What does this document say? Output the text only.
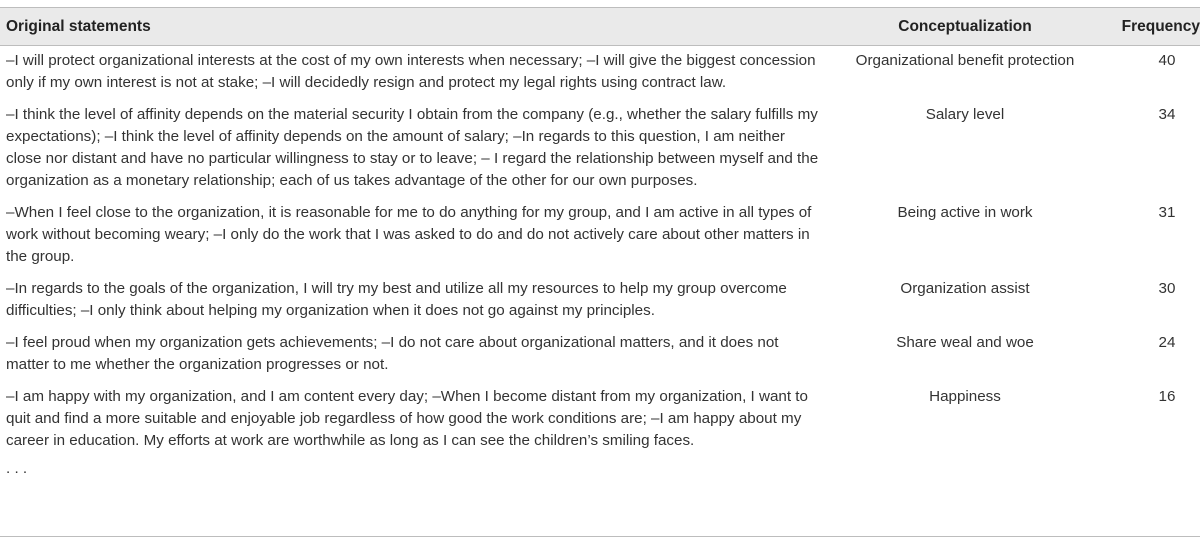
Original statements	Conceptualization	Frequency
–I will protect organizational interests at the cost of my own interests when necessary; –I will give the biggest concession only if my own interest is not at stake; –I will decidedly resign and protect my legal rights using contract law.	Organizational benefit protection	40
–I think the level of affinity depends on the material security I obtain from the company (e.g., whether the salary fulfills my expectations); –I think the level of affinity depends on the amount of salary; –In regards to this question, I am neither close nor distant and have no particular willingness to stay or to leave; – I regard the relationship between myself and the organization as a monetary relationship; each of us takes advantage of the other for our own purposes.	Salary level	34
–When I feel close to the organization, it is reasonable for me to do anything for my group, and I am active in all types of work without becoming weary; –I only do the work that I was asked to do and do not actively care about other matters in the group.	Being active in work	31
–In regards to the goals of the organization, I will try my best and utilize all my resources to help my group overcome difficulties; –I only think about helping my organization when it does not go against my principles.	Organization assist	30
–I feel proud when my organization gets achievements; –I do not care about organizational matters, and it does not matter to me whether the organization progresses or not.	Share weal and woe	24
–I am happy with my organization, and I am content every day; –When I become distant from my organization, I want to quit and find a more suitable and enjoyable job regardless of how good the work conditions are; –I am happy about my career in education. My efforts at work are worthwhile as long as I can see the children’s smiling faces.	Happiness	16
. . .		
